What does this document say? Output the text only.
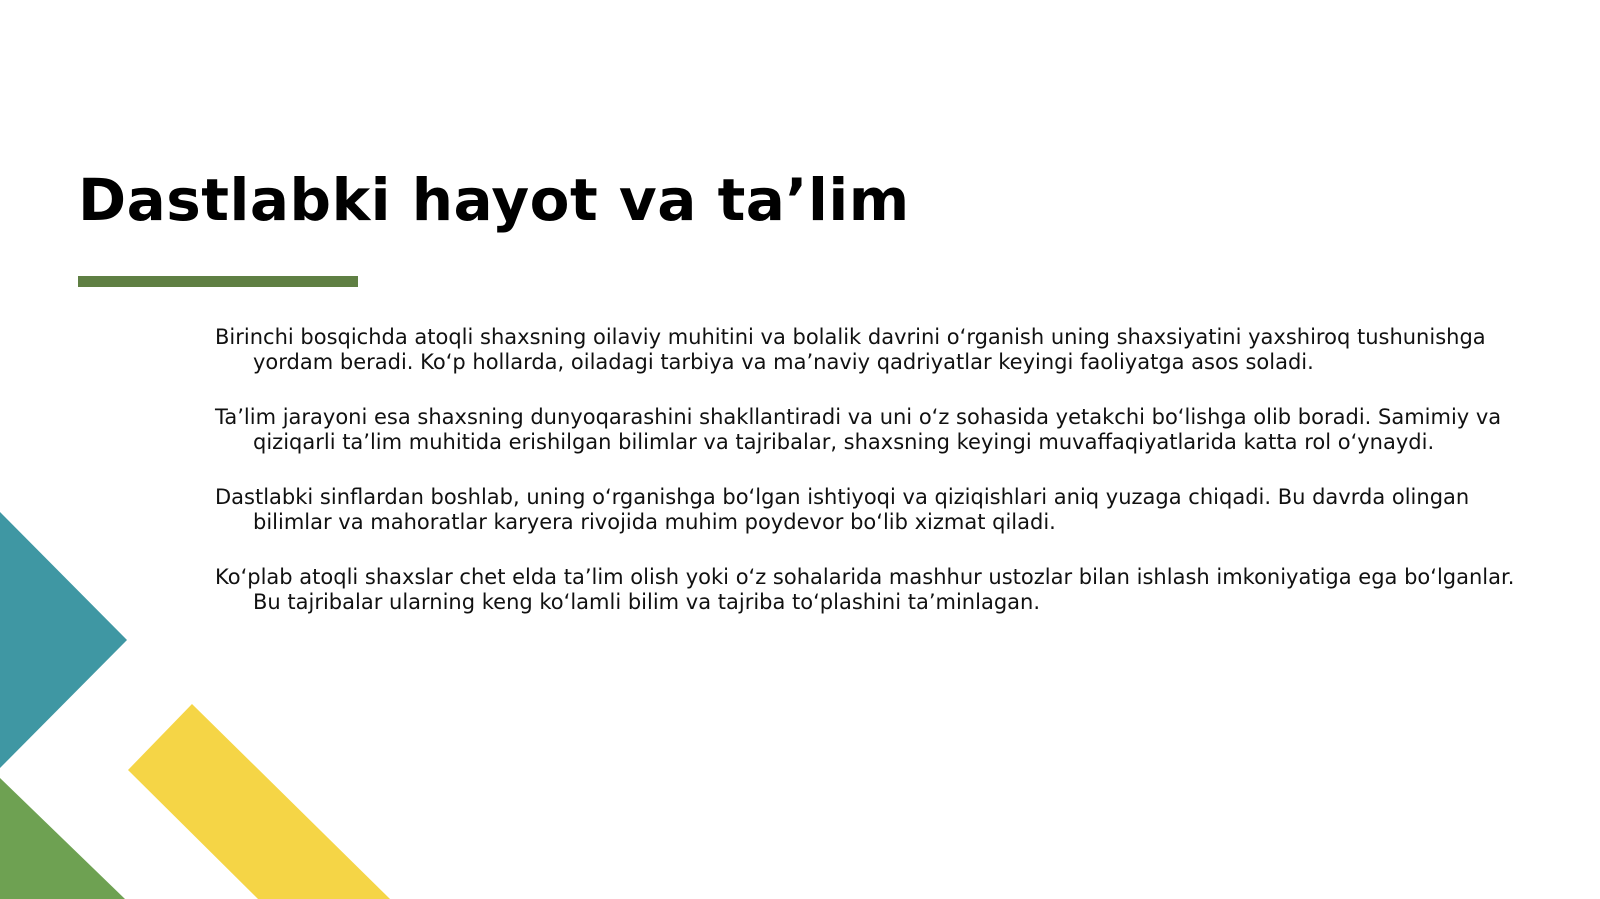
Dastlabki hayot va ta’lim

Birinchi bosqichda atoqli shaxsning oilaviy muhitini va bolalik davrini o‘rganish uning shaxsiyatini yaxshiroq tushunishga yordam beradi. Ko‘p hollarda, oiladagi tarbiya va ma’naviy qadriyatlar keyingi faoliyatga asos soladi.

Ta’lim jarayoni esa shaxsning dunyoqarashini shakllantiradi va uni o‘z sohasida yetakchi bo‘lishga olib boradi. Samimiy va qiziqarli ta’lim muhitida erishilgan bilimlar va tajribalar, shaxsning keyingi muvaffaqiyatlarida katta rol o‘ynaydi.

Dastlabki sinflardan boshlab, uning o‘rganishga bo‘lgan ishtiyoqi va qiziqishlari aniq yuzaga chiqadi. Bu davrda olingan bilimlar va mahoratlar karyera rivojida muhim poydevor bo‘lib xizmat qiladi.

Ko‘plab atoqli shaxslar chet elda ta’lim olish yoki o‘z sohalarida mashhur ustozlar bilan ishlash imkoniyatiga ega bo‘lganlar. Bu tajribalar ularning keng ko‘lamli bilim va tajriba to‘plashini ta’minlagan.
